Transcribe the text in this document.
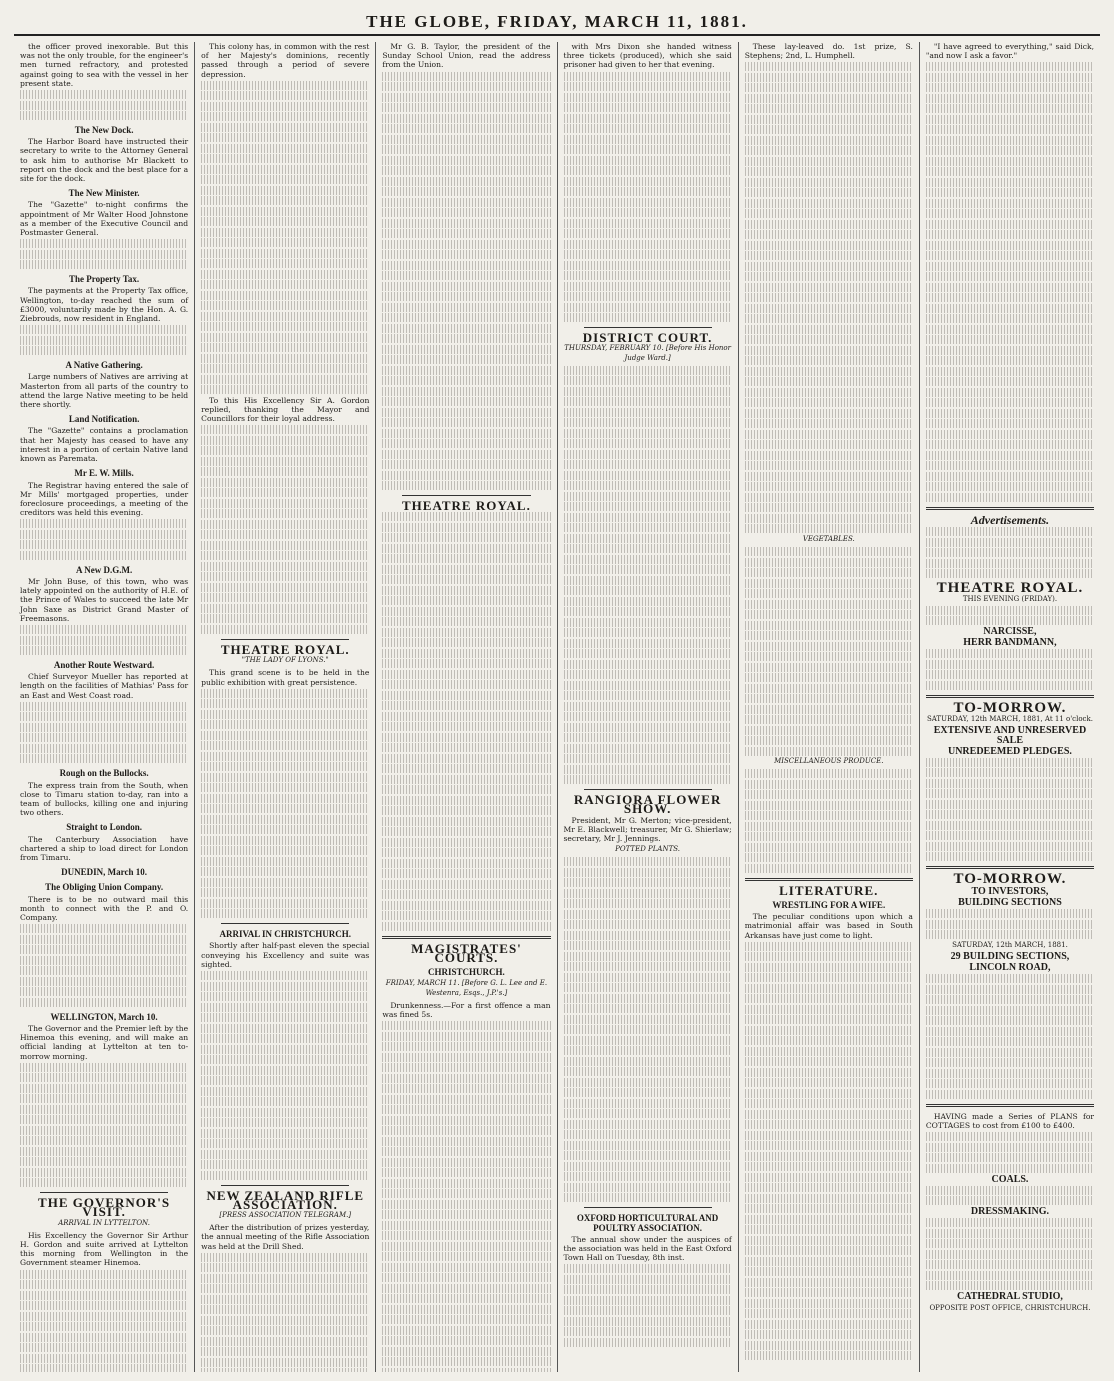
THE GLOBE, FRIDAY, MARCH 11, 1881.

the officer proved inexorable. But this was not the only trouble, for the engineer's men turned refractory, and protested against going to sea with the vessel in her present state.

The New Dock.

The Harbor Board have instructed their secretary to write to the Attorney General to ask him to authorise Mr Blackett to report on the dock and the best place for a site for the dock.

The New Minister.

The "Gazette" to-night confirms the appointment of Mr Walter Hood Johnstone as a member of the Executive Council and Postmaster General.

The Property Tax.

The payments at the Property Tax office, Wellington, to-day reached the sum of £3000, voluntarily made by the Hon. A. G. Ziebrouds, now resident in England.

A Native Gathering.

Large numbers of Natives are arriving at Masterton from all parts of the country to attend the large Native meeting to be held there shortly.

Land Notification.

The "Gazette" contains a proclamation that her Majesty has ceased to have any interest in a portion of certain Native land known as Paremata.

Mr E. W. Mills.

The Registrar having entered the sale of Mr Mills' mortgaged properties, under foreclosure proceedings, a meeting of the creditors was held this evening.

A New D.G.M.

Mr John Buse, of this town, who was lately appointed on the authority of H.E. of the Prince of Wales to succeed the late Mr John Saxe as District Grand Master of Freemasons.

Another Route Westward.

Chief Surveyor Mueller has reported at length on the facilities of Mathias' Pass for an East and West Coast road.

Rough on the Bullocks.

The express train from the South, when close to Timaru station to-day, ran into a team of bullocks, killing one and injuring two others.

Straight to London.

The Canterbury Association have chartered a ship to load direct for London from Timaru.

DUNEDIN, March 10.
The Obliging Union Company.

There is to be no outward mail this month to connect with the P. and O. Company.

WELLINGTON, March 10.

The Governor and the Premier left by the Hinemoa this evening, and will make an official landing at Lyttelton at ten to-morrow morning.

THE GOVERNOR'S VISIT.
ARRIVAL IN LYTTELTON.

His Excellency the Governor Sir Arthur H. Gordon and suite arrived at Lyttelton this morning from Wellington in the Government steamer Hinemoa.

This colony has, in common with the rest of her Majesty's dominions, recently passed through a period of severe depression.

To this His Excellency Sir A. Gordon replied, thanking the Mayor and Councillors for their loyal address.

THEATRE ROYAL.
"THE LADY OF LYONS."

This grand scene is to be held in the public exhibition with great persistence.

ARRIVAL IN CHRISTCHURCH.

Shortly after half-past eleven the special conveying his Excellency and suite was sighted.

NEW ZEALAND RIFLE ASSOCIATION.
[PRESS ASSOCIATION TELEGRAM.]

After the distribution of prizes yesterday, the annual meeting of the Rifle Association was held at the Drill Shed.

Mr G. B. Taylor, the president of the Sunday School Union, read the address from the Union.

THEATRE ROYAL.
MAGISTRATES' COURTS.
CHRISTCHURCH.
FRIDAY, MARCH 11. [Before G. L. Lee and E. Westenra, Esqs., J.P.'s.]

Drunkenness.—For a first offence a man was fined 5s.

with Mrs Dixon she handed witness three tickets (produced), which she said prisoner had given to her that evening.

DISTRICT COURT.
THURSDAY, FEBRUARY 10. [Before His Honor Judge Ward.]
RANGIORA FLOWER SHOW.

President, Mr G. Merton; vice-president, Mr E. Blackwell; treasurer, Mr G. Shierlaw; secretary, Mr J. Jennings.

POTTED PLANTS.
OXFORD HORTICULTURAL AND POULTRY ASSOCIATION.

The annual show under the auspices of the association was held in the East Oxford Town Hall on Tuesday, 8th inst.

These lay-leaved do. 1st prize, S. Stephens; 2nd, L. Humphell.

VEGETABLES.
MISCELLANEOUS PRODUCE.
LITERATURE.
WRESTLING FOR A WIFE.

The peculiar conditions upon which a matrimonial affair was based in South Arkansas have just come to light.

"I have agreed to everything," said Dick, "and now I ask a favor."

Advertisements.
THEATRE ROYAL.
THIS EVENING (FRIDAY).
NARCISSE,
HERR BANDMANN,
TO-MORROW.
SATURDAY, 12th MARCH, 1881, At 11 o'clock.
EXTENSIVE AND UNRESERVED SALE
UNREDEEMED PLEDGES.
TO-MORROW.
TO INVESTORS,
BUILDING SECTIONS
SATURDAY, 12th MARCH, 1881.
29 BUILDING SECTIONS,
LINCOLN ROAD,

HAVING made a Series of PLANS for COTTAGES to cost from £100 to £400.

COALS.
DRESSMAKING.
CATHEDRAL STUDIO,
OPPOSITE POST OFFICE, CHRISTCHURCH.
